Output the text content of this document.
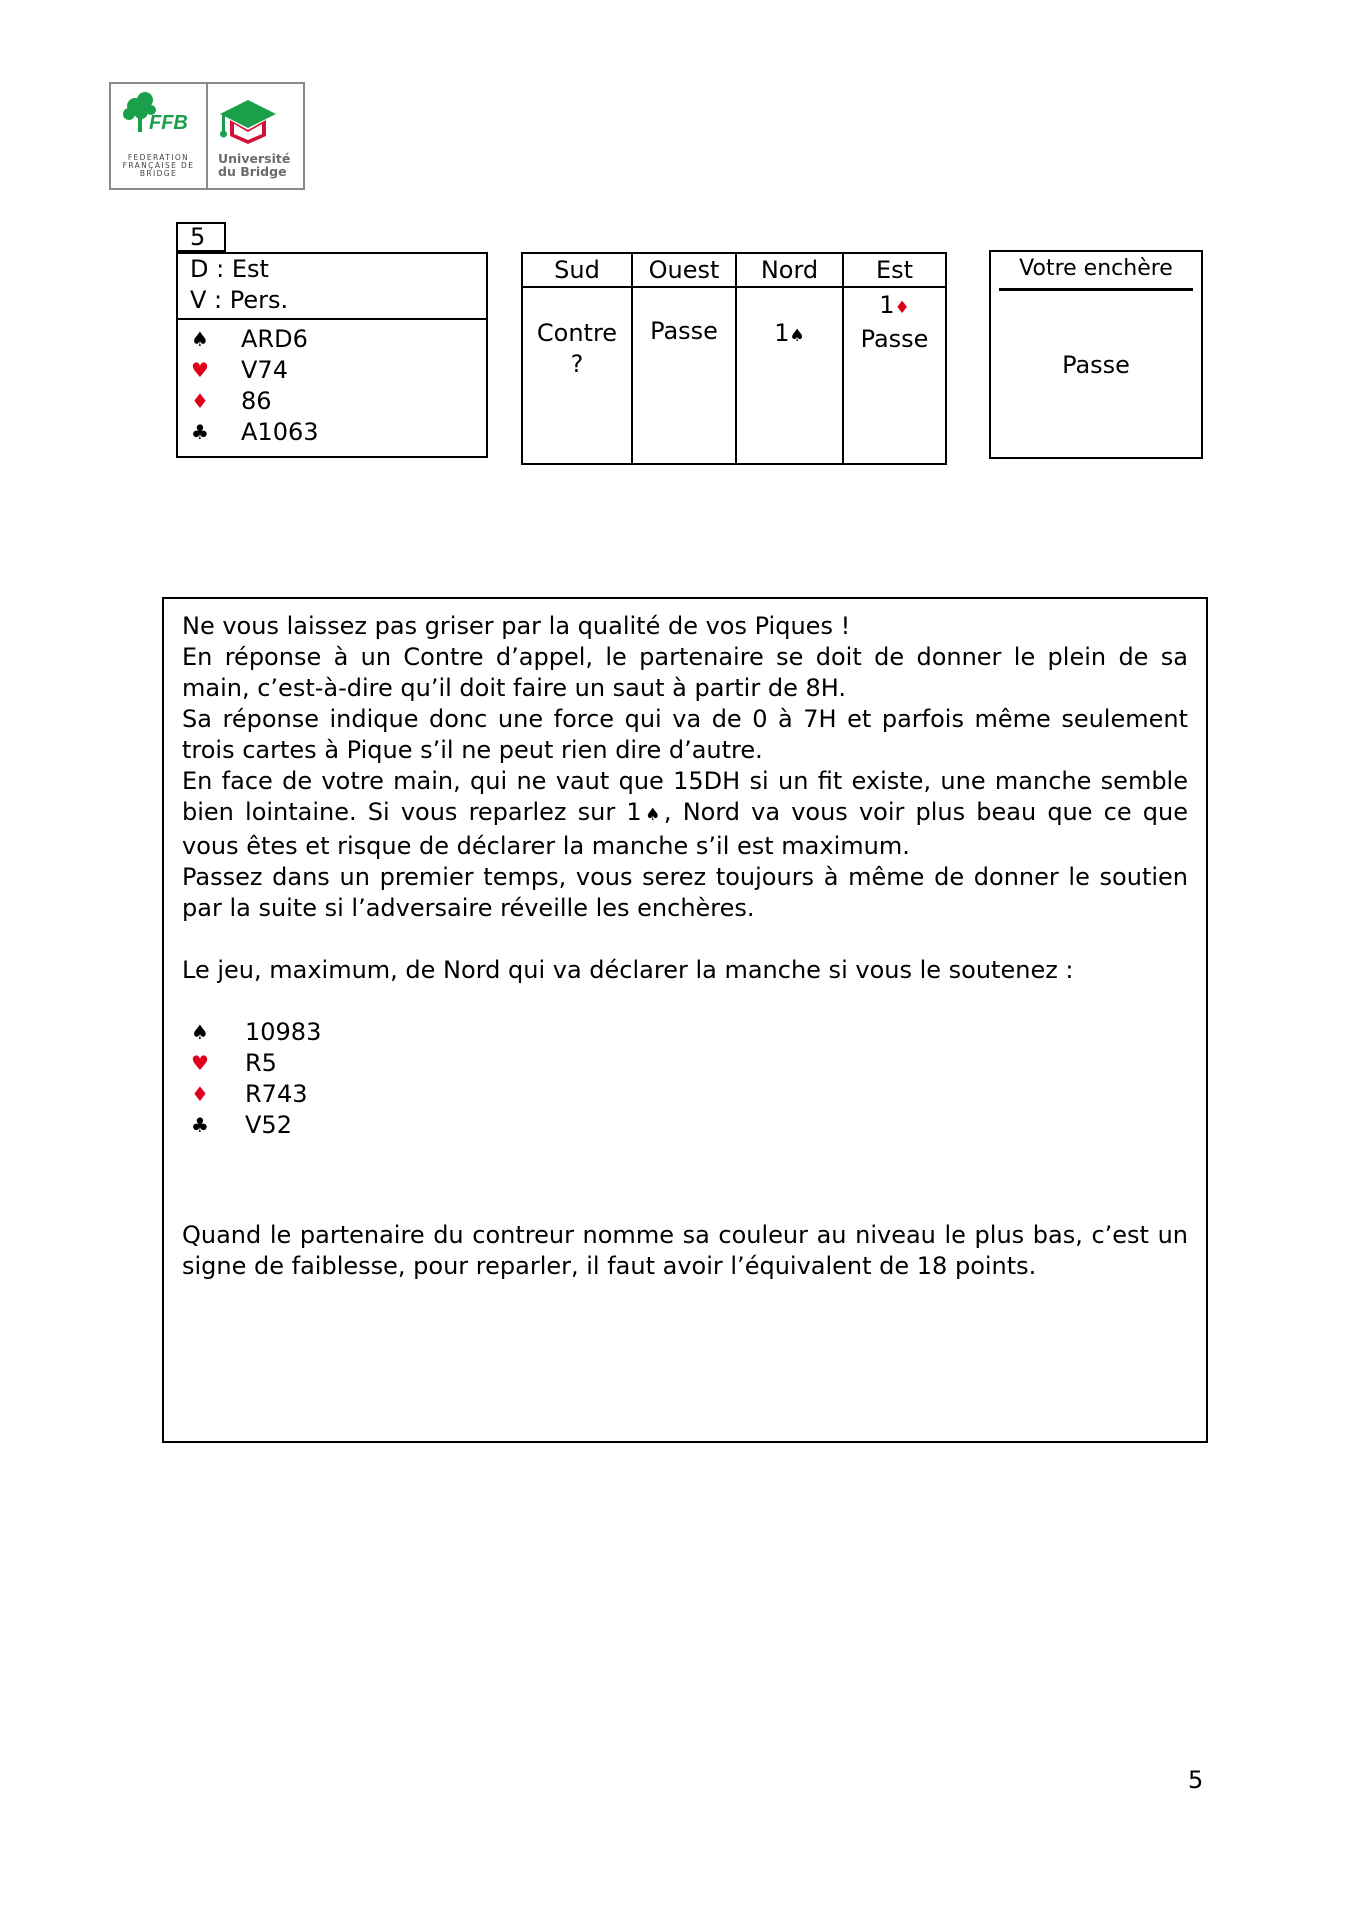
FFB
FEDERATION FRANÇAISE DE BRIDGE
Université
du Bridge
5
D : Est
V : Pers.
♠ ARD6
♥ V74
♦ 86
♣ A1063
Sud
Contre
?
Ouest
Passe
Nord
1♠
Est
1♦
Passe
Votre enchère
Passe

Ne vous laissez pas griser par la qualité de vos Piques !

En réponse à un Contre d’appel, le partenaire se doit de donner le plein de sa main, c’est-à-dire qu’il doit faire un saut à partir de 8H.

Sa réponse indique donc une force qui va de 0 à 7H et parfois même seulement trois cartes à Pique s’il ne peut rien dire d’autre.

En face de votre main, qui ne vaut que 15DH si un fit existe, une manche semble bien lointaine. Si vous reparlez sur 1♠, Nord va vous voir plus beau que ce que vous êtes et risque de déclarer la manche s’il est maximum.

Passez dans un premier temps, vous serez toujours à même de donner le soutien par la suite si l’adversaire réveille les enchères.

Le jeu, maximum, de Nord qui va déclarer la manche si vous le soutenez :

♠ 10983
♥ R5
♦ R743
♣ V52

Quand le partenaire du contreur nomme sa couleur au niveau le plus bas, c’est un signe de faiblesse, pour reparler, il faut avoir l’équivalent de 18 points.

5
